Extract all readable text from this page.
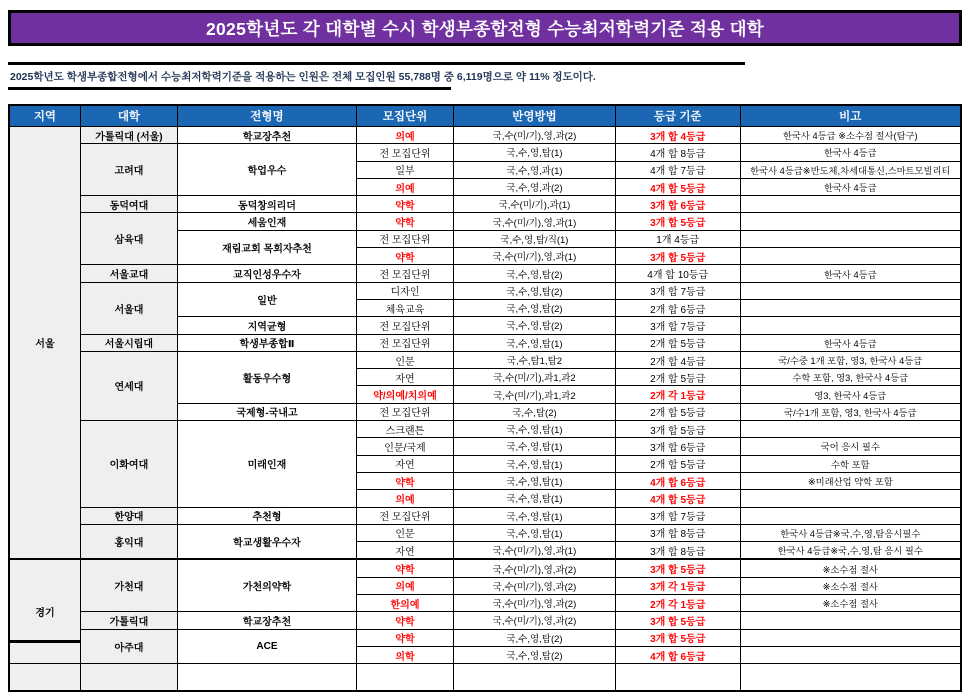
2025학년도 각 대학별 수시 학생부종합전형 수능최저학력기준 적용 대학
2025학년도 학생부종합전형에서 수능최저학력기준을 적용하는 인원은 전체 모집인원 55,788명 중 6,119명으로 약 11% 정도이다.
지역	대학	전형명	모집단위	반영방법	등급 기준	비고
서울	가톨릭대 (서울)	학교장추천	의예	국,수(미/기),영,과(2)	3개 합 4등급	한국사 4등급 ※소수점 절사(탐구)
	고려대	학업우수	전 모집단위	국,수,영,탐(1)	4개 합 8등급	한국사 4등급
			일부	국,수,영,과(1)	4개 합 7등급	한국사 4등급※반도체,차세대통신,스마트모빌리티
			의예	국,수,영,과(2)	4개 합 5등급	한국사 4등급
	동덕여대	동덕창의리더	약학	국,수(미/기),과(1)	3개 합 6등급	
	삼육대	세움인재	약학	국,수(미/기),영,과(1)	3개 합 5등급	
		재림교회 목회자추천	전 모집단위	국,수,영,탐/직(1)	1개 4등급	
			약학	국,수(미/기),영,과(1)	3개 합 5등급	
	서울교대	교직인성우수자	전 모집단위	국,수,영,탐(2)	4개 합 10등급	한국사 4등급
	서울대	일반	디자인	국,수,영,탐(2)	3개 합 7등급	
			체육교육	국,수,영,탐(2)	2개 합 6등급	
		지역균형	전 모집단위	국,수,영,탐(2)	3개 합 7등급	
	서울시립대	학생부종합Ⅱ	전 모집단위	국,수,영,탐(1)	2개 합 5등급	한국사 4등급
	연세대	활동우수형	인문	국,수,탐1,탐2	2개 합 4등급	국/수중 1개 포함, 영3, 한국사 4등급
			자연	국,수(미/기),과1,과2	2개 합 5등급	수학 포함, 영3, 한국사 4등급
			약/의예/치의예	국,수(미/기),과1,과2	2개 각 1등급	영3, 한국사 4등급
		국제형-국내고	전 모집단위	국,수,탐(2)	2개 합 5등급	국/수1개 포함, 영3, 한국사 4등급
	이화여대	미래인재	스크랜튼	국,수,영,탐(1)	3개 합 5등급	
			인문/국제	국,수,영,탐(1)	3개 합 6등급	국어 응시 필수
			자연	국,수,영,탐(1)	2개 합 5등급	수학 포함
			약학	국,수,영,탐(1)	4개 합 6등급	※미래산업 약학 포함
			의예	국,수,영,탐(1)	4개 합 5등급	
	한양대	추천형	전 모집단위	국,수,영,탐(1)	3개 합 7등급	
	홍익대	학교생활우수자	인문	국,수,영,탐(1)	3개 합 8등급	한국사 4등급※국,수,영,탐응시필수
			자연	국,수(미/기),영,과(1)	3개 합 8등급	한국사 4등급※국,수,영,탐 응시 필수
경기	가천대	가천의약학	약학	국,수(미/기),영,과(2)	3개 합 5등급	※소수점 절사
			의예	국,수(미/기),영,과(2)	3개 각 1등급	※소수점 절사
			한의예	국,수(미/기),영,과(2)	2개 각 1등급	※소수점 절사
	가톨릭대	학교장추천	약학	국,수(미/기),영,과(2)	3개 합 5등급	
	아주대	ACE	약학	국,수,영,탐(2)	3개 합 5등급	
			의학	국,수,영,탐(2)	4개 합 6등급	
